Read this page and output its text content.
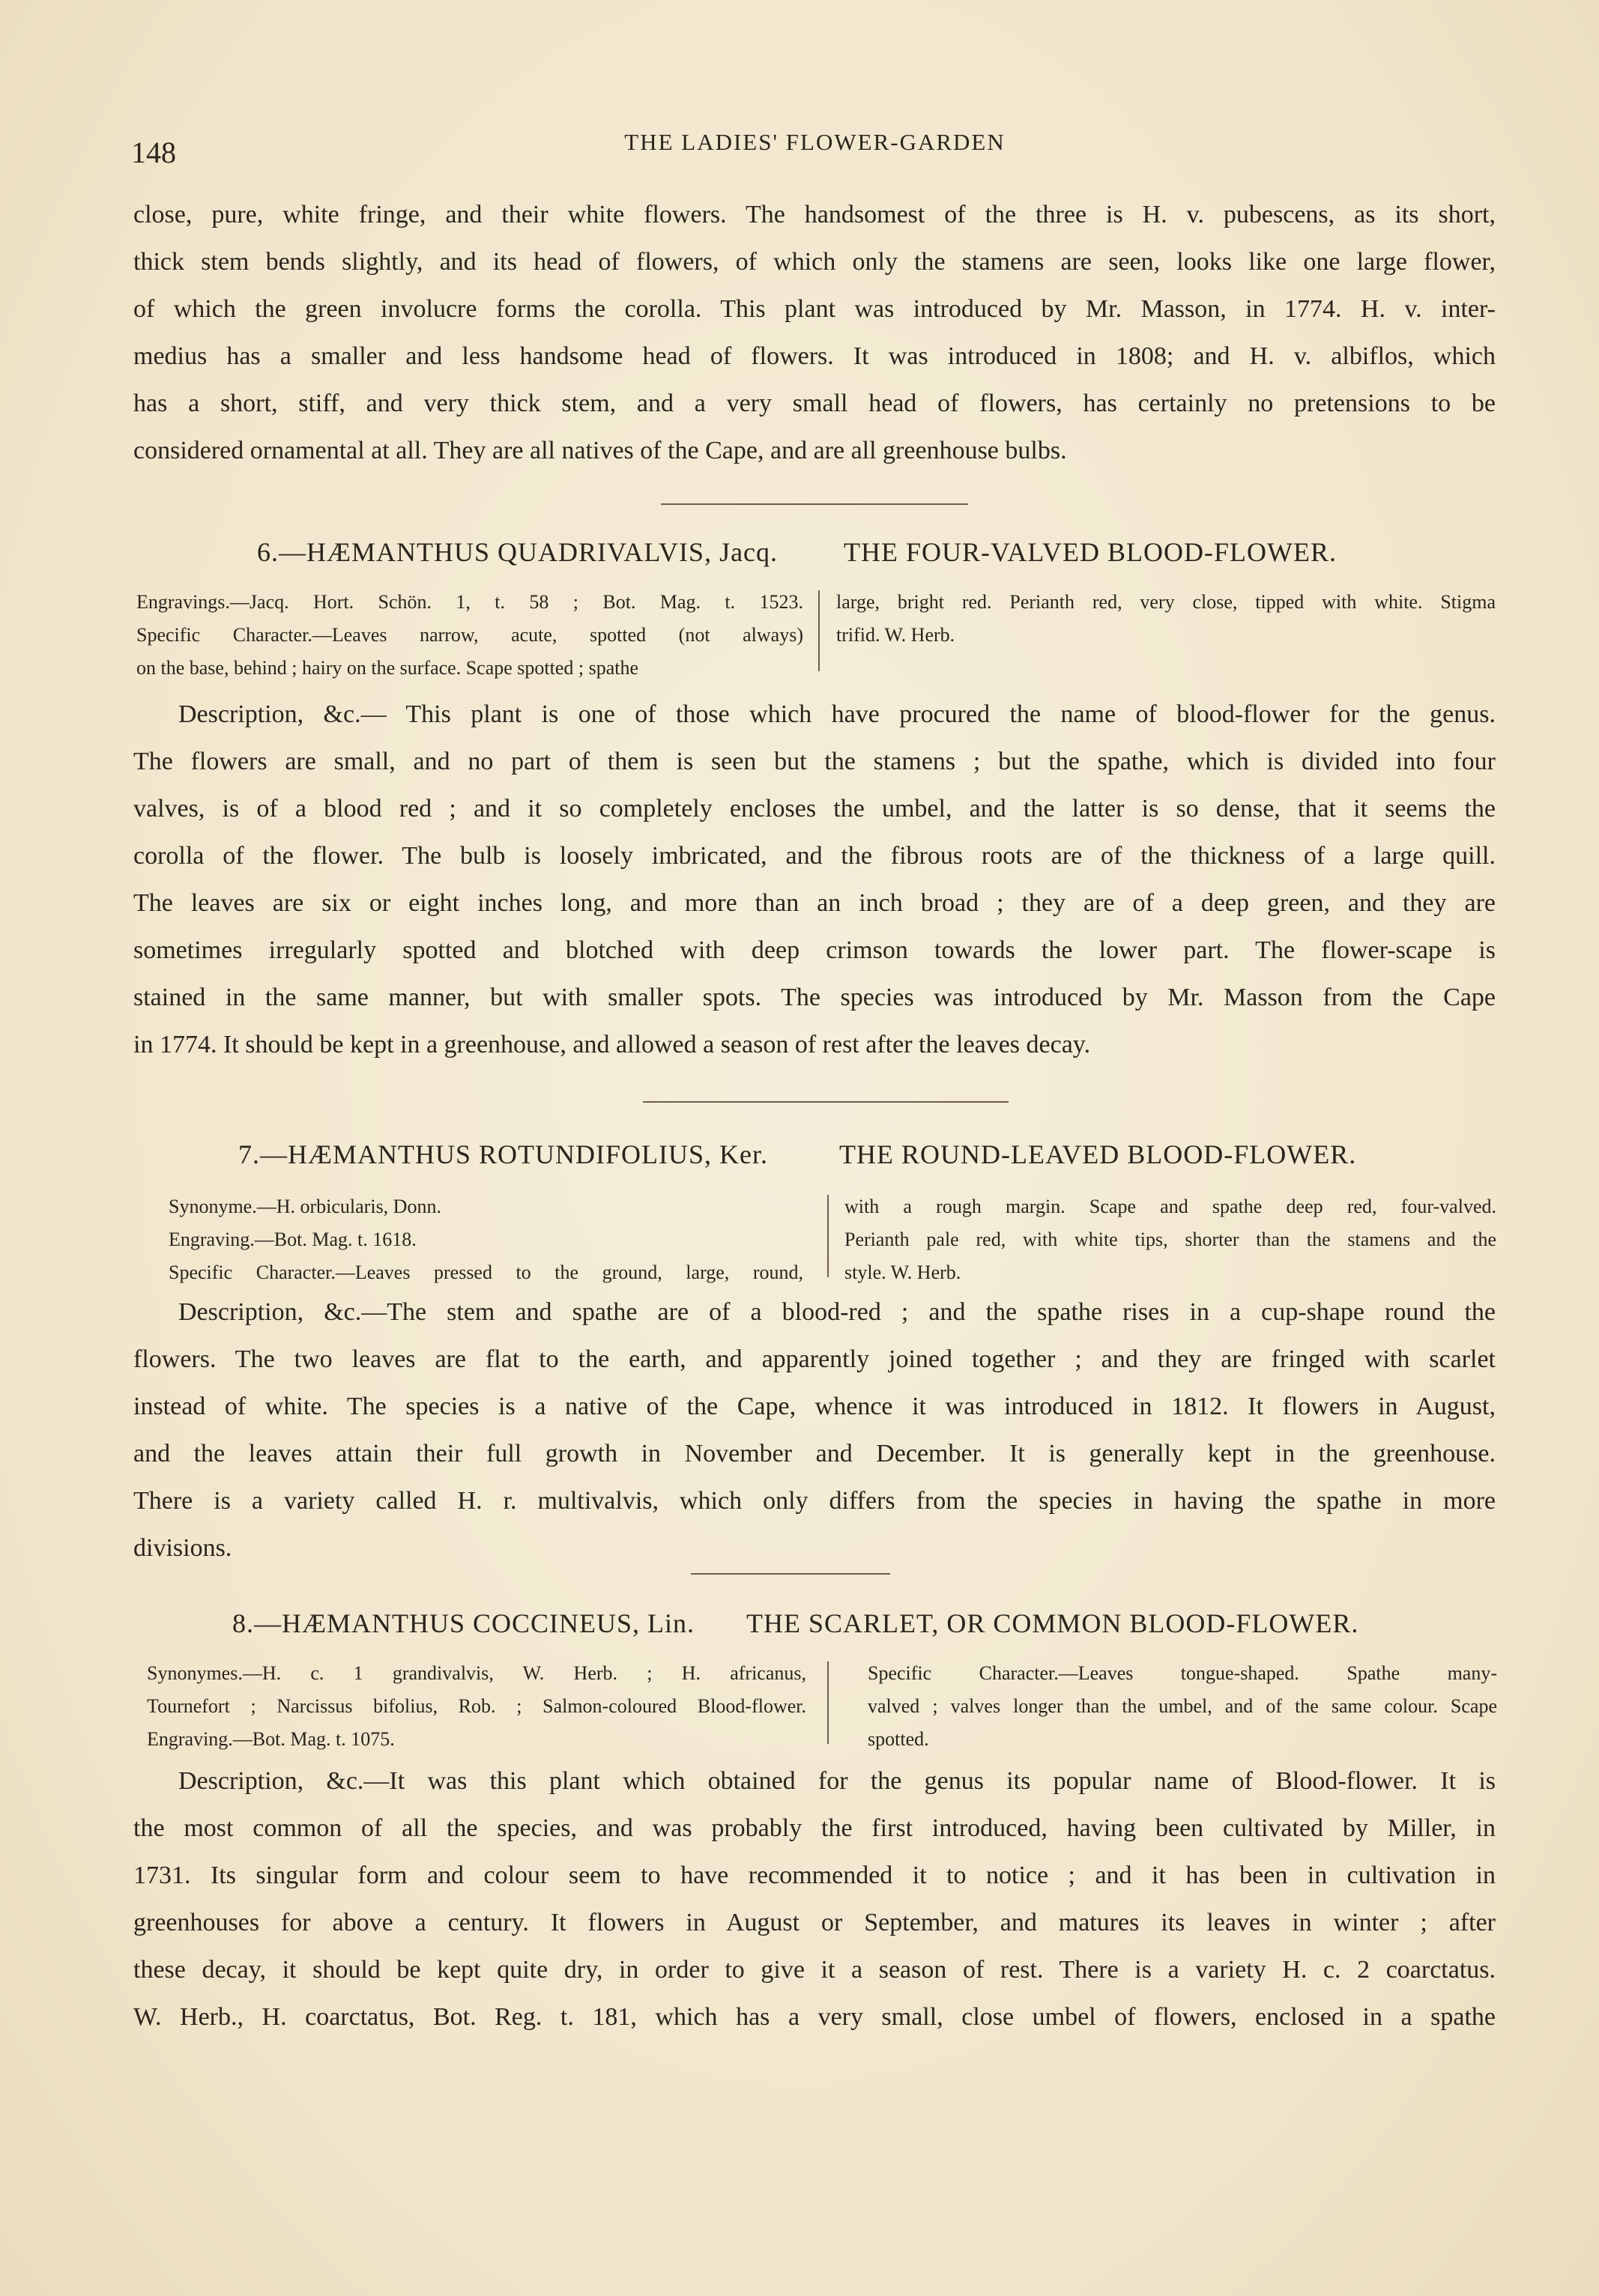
148	THE LADIES' FLOWER-GARDEN
close, pure, white fringe, and their white flowers. The handsomest of the three is H. v. pubescens, as its short,
thick stem bends slightly, and its head of flowers, of which only the stamens are seen, looks like one large flower,
of which the green involucre forms the corolla. This plant was introduced by Mr. Masson, in 1774. H. v. inter-
medius has a smaller and less handsome head of flowers. It was introduced in 1808; and H. v. albiflos, which
has a short, stiff, and very thick stem, and a very small head of flowers, has certainly no pretensions to be
considered ornamental at all. They are all natives of the Cape, and are all greenhouse bulbs.
6.—HÆMANTHUS QUADRIVALVIS, Jacq. THE FOUR-VALVED BLOOD-FLOWER.
Engravings.—Jacq. Hort. Schön. 1, t. 58 ; Bot. Mag. t. 1523.
Specific Character.—Leaves narrow, acute, spotted (not always)
on the base, behind ; hairy on the surface. Scape spotted ; spathe
large, bright red. Perianth red, very close, tipped with white. Stigma
trifid. W. Herb.
Description, &c.— This plant is one of those which have procured the name of blood-flower for the genus.
The flowers are small, and no part of them is seen but the stamens ; but the spathe, which is divided into four
valves, is of a blood red ; and it so completely encloses the umbel, and the latter is so dense, that it seems the
corolla of the flower. The bulb is loosely imbricated, and the fibrous roots are of the thickness of a large quill.
The leaves are six or eight inches long, and more than an inch broad ; they are of a deep green, and they are
sometimes irregularly spotted and blotched with deep crimson towards the lower part. The flower-scape is
stained in the same manner, but with smaller spots. The species was introduced by Mr. Masson from the Cape
in 1774. It should be kept in a greenhouse, and allowed a season of rest after the leaves decay.
7.—HÆMANTHUS ROTUNDIFOLIUS, Ker.	THE ROUND-LEAVED BLOOD-FLOWER.
Synonyme.—H. orbicularis, Donn.
Engraving.—Bot. Mag. t. 1618.
Specific Character.—Leaves pressed to the ground, large, round,
with a rough margin. Scape and spathe deep red, four-valved.
Perianth pale red, with white tips, shorter than the stamens and the
style. W. Herb.
Description, &c.—The stem and spathe are of a blood-red ; and the spathe rises in a cup-shape round the
flowers. The two leaves are flat to the earth, and apparently joined together ; and they are fringed with scarlet
instead of white. The species is a native of the Cape, whence it was introduced in 1812. It flowers in August,
and the leaves attain their full growth in November and December. It is generally kept in the greenhouse.
There is a variety called H. r. multivalvis, which only differs from the species in having the spathe in more
divisions.
8.—HÆMANTHUS COCCINEUS, Lin. THE SCARLET, OR COMMON BLOOD-FLOWER.
Synonymes.—H. c. 1 grandivalvis, W. Herb. ; H. africanus,
Tournefort ; Narcissus bifolius, Rob. ; Salmon-coloured Blood-flower.
Engraving.—Bot. Mag. t. 1075.
Specific Character.—Leaves tongue-shaped. Spathe many-
valved ; valves longer than the umbel, and of the same colour. Scape
spotted.
Description, &c.—It was this plant which obtained for the genus its popular name of Blood-flower. It is
the most common of all the species, and was probably the first introduced, having been cultivated by Miller, in
1731. Its singular form and colour seem to have recommended it to notice ; and it has been in cultivation in
greenhouses for above a century. It flowers in August or September, and matures its leaves in winter ; after
these decay, it should be kept quite dry, in order to give it a season of rest. There is a variety H. c. 2 coarctatus.
W. Herb., H. coarctatus, Bot. Reg. t. 181, which has a very small, close umbel of flowers, enclosed in a spathe
